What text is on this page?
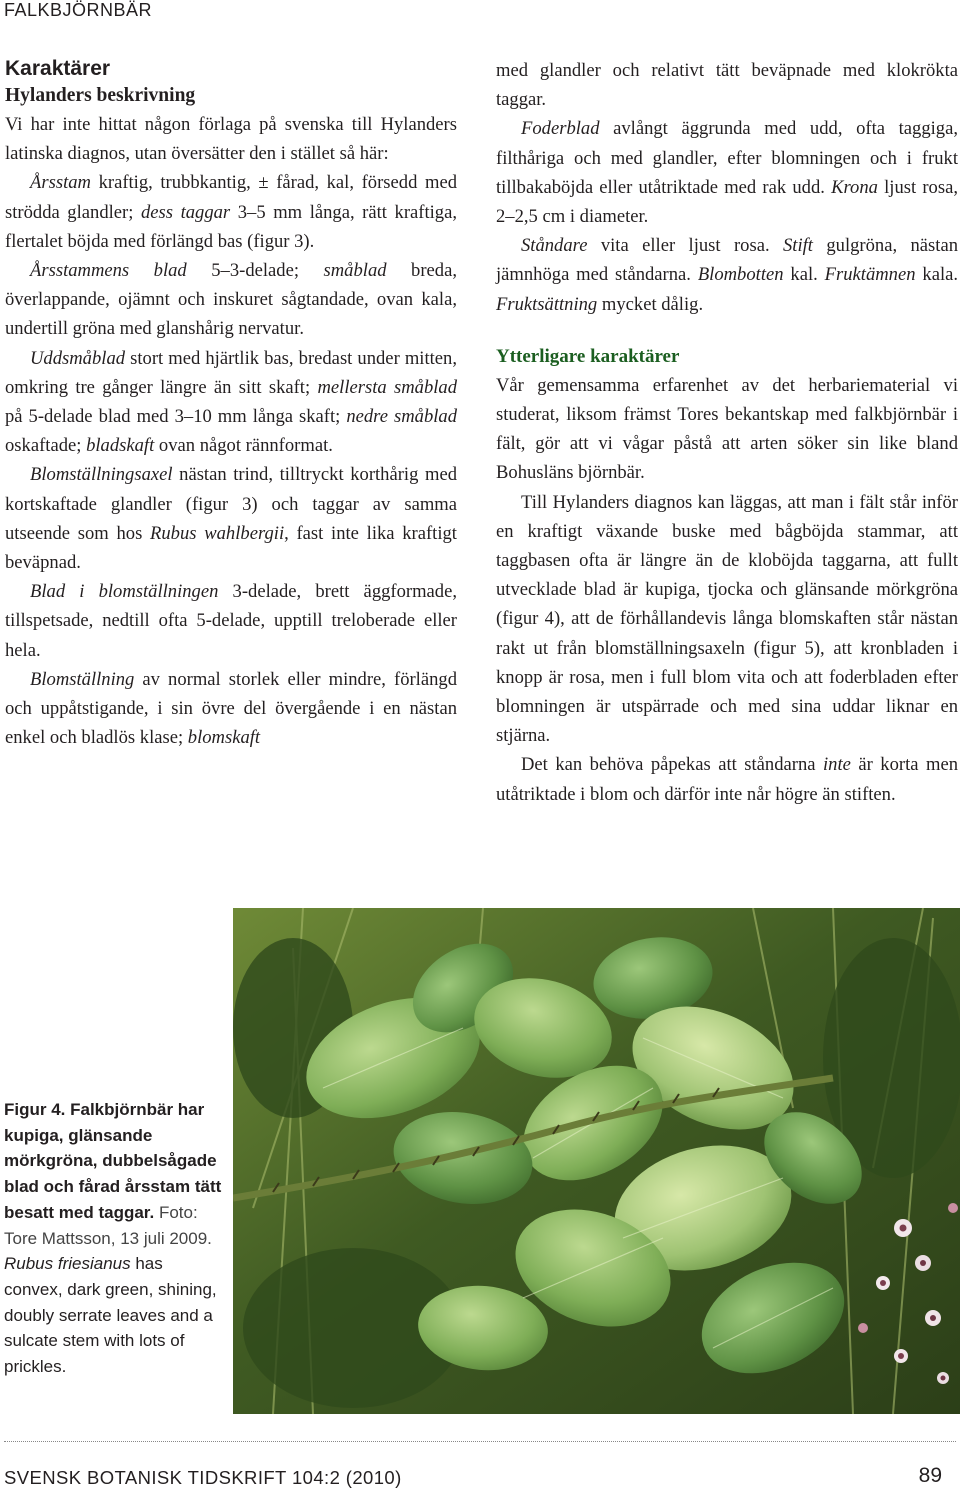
FALKBJÖRNBÄR
Karaktärer
Hylanders beskrivning

Vi har inte hittat någon förlaga på svenska till Hylanders latinska diagnos, utan översätter den i stället så här:

Årsstam kraftig, trubbkantig, ± fårad, kal, försedd med strödda glandler; dess taggar 3–5 mm långa, rätt kraftiga, flertalet böjda med förlängd bas (figur 3).

Årsstammens blad 5–3-delade; småblad breda, överlappande, ojämnt och inskuret sågtandade, ovan kala, undertill gröna med glanshårig nervatur.

Uddsmåblad stort med hjärtlik bas, bredast under mitten, omkring tre gånger längre än sitt skaft; mellersta småblad på 5-delade blad med 3–10 mm långa skaft; nedre småblad oskaftade; bladskaft ovan något rännformat.

Blomställningsaxel nästan trind, tilltryckt korthårig med kortskaftade glandler (figur 3) och taggar av samma utseende som hos Rubus wahlbergii, fast inte lika kraftigt beväpnad.

Blad i blomställningen 3-delade, brett äggformade, tillspetsade, nedtill ofta 5-delade, upptill treloberade eller hela.

Blomställning av normal storlek eller mindre, förlängd och uppåtstigande, i sin övre del övergående i en nästan enkel och bladlös klase; blomskaft

med glandler och relativt tätt beväpnade med klokrökta taggar.

Foderblad avlångt äggrunda med udd, ofta taggiga, filthåriga och med glandler, efter blomningen och i frukt tillbakaböjda eller utåtriktade med rak udd. Krona ljust rosa, 2–2,5 cm i diameter.

Ståndare vita eller ljust rosa. Stift gulgröna, nästan jämnhöga med ståndarna. Blombotten kal. Fruktämnen kala. Fruktsättning mycket dålig.

Ytterligare karaktärer

Vår gemensamma erfarenhet av det herbariematerial vi studerat, liksom främst Tores bekantskap med falkbjörnbär i fält, gör att vi vågar påstå att arten söker sin like bland Bohusläns björnbär.

Till Hylanders diagnos kan läggas, att man i fält står inför en kraftigt växande buske med bågböjda stammar, att taggbasen ofta är längre än de kloböjda taggarna, att fullt utvecklade blad är kupiga, tjocka och glänsande mörkgröna (figur 4), att de förhållandevis långa blomskaften står nästan rakt ut från blomställningsaxeln (figur 5), att kronbladen i knopp är rosa, men i full blom vita och att foderbladen efter blomningen är utspärrade och med sina uddar liknar en stjärna.

Det kan behöva påpekas att ståndarna inte är korta men utåtriktade i blom och därför inte når högre än stiften.

Figur 4. Falkbjörnbär har kupiga, glänsande mörkgröna, dubbelsågade blad och fårad årsstam tätt besatt med taggar. Foto: Tore Mattsson, 13 juli 2009.
Rubus friesianus has convex, dark green, shining, doubly serrate leaves and a sulcate stem with lots of prickles.
SVENSK BOTANISK TIDSKRIFT 104:2 (2010)	89
